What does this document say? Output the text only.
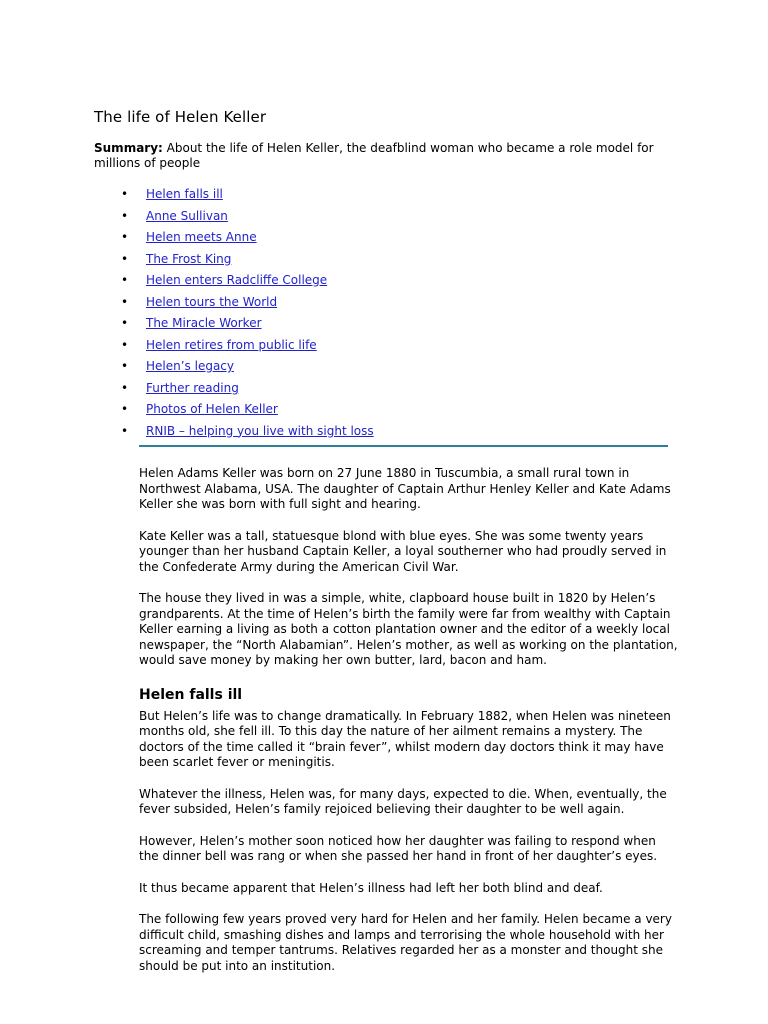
The life of Helen Keller

Summary: About the life of Helen Keller, the deafblind woman who became a role model for millions of people

• Helen falls ill
• Anne Sullivan
• Helen meets Anne
• The Frost King
• Helen enters Radcliffe College
• Helen tours the World
• The Miracle Worker
• Helen retires from public life
• Helen’s legacy
• Further reading
• Photos of Helen Keller
• RNIB – helping you live with sight loss

Helen Adams Keller was born on 27 June 1880 in Tuscumbia, a small rural town in Northwest Alabama, USA. The daughter of Captain Arthur Henley Keller and Kate Adams Keller she was born with full sight and hearing.

Kate Keller was a tall, statuesque blond with blue eyes. She was some twenty years younger than her husband Captain Keller, a loyal southerner who had proudly served in the Confederate Army during the American Civil War.

The house they lived in was a simple, white, clapboard house built in 1820 by Helen’s grandparents. At the time of Helen’s birth the family were far from wealthy with Captain Keller earning a living as both a cotton plantation owner and the editor of a weekly local newspaper, the “North Alabamian”. Helen’s mother, as well as working on the plantation, would save money by making her own butter, lard, bacon and ham.

Helen falls ill

But Helen’s life was to change dramatically. In February 1882, when Helen was nineteen months old, she fell ill. To this day the nature of her ailment remains a mystery. The doctors of the time called it “brain fever”, whilst modern day doctors think it may have been scarlet fever or meningitis.

Whatever the illness, Helen was, for many days, expected to die. When, eventually, the fever subsided, Helen’s family rejoiced believing their daughter to be well again.

However, Helen’s mother soon noticed how her daughter was failing to respond when the dinner bell was rang or when she passed her hand in front of her daughter’s eyes.

It thus became apparent that Helen’s illness had left her both blind and deaf.

The following few years proved very hard for Helen and her family. Helen became a very difficult child, smashing dishes and lamps and terrorising the whole household with her screaming and temper tantrums. Relatives regarded her as a monster and thought she should be put into an institution.
